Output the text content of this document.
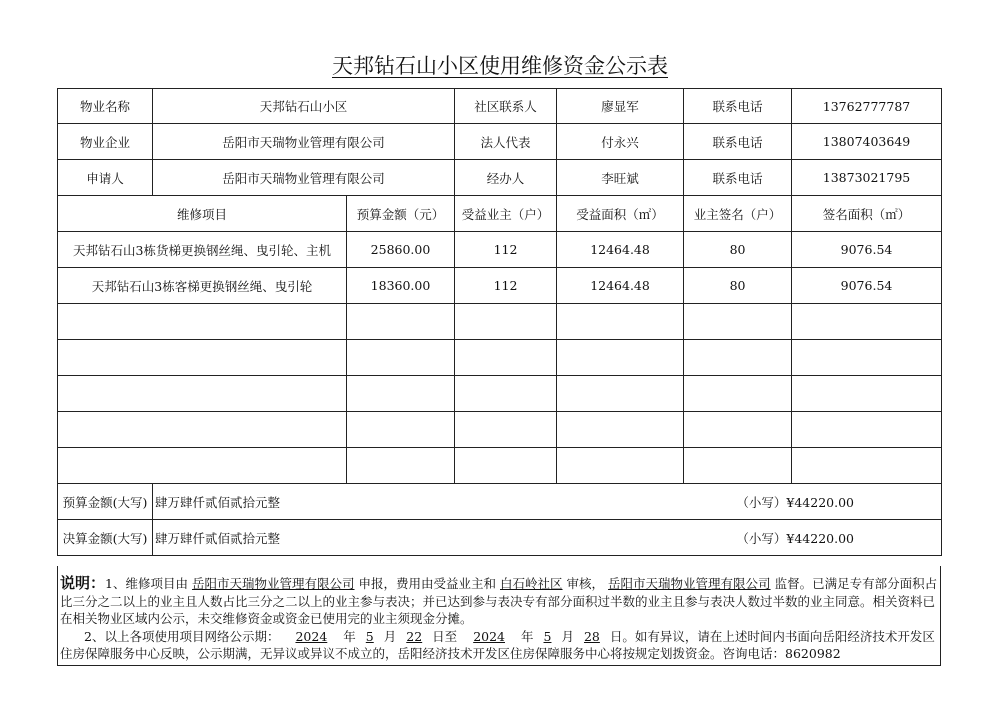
天邦钻石山小区使用维修资金公示表
物业名称	天邦钻石山小区		社区联系人	廖显军	联系电话	13762777787
物业企业	岳阳市天瑞物业管理有限公司		法人代表	付永兴	联系电话	13807403649
申请人	岳阳市天瑞物业管理有限公司		经办人	李旺斌	联系电话	13873021795
维修项目		预算金额（元）	受益业主（户）	受益面积（㎡）	业主签名（户）	签名面积（㎡）
天邦钻石山3栋货梯更换钢丝绳、曳引轮、主机		25860.00	112	12464.48	80	9076.54
天邦钻石山3栋客梯更换钢丝绳、曳引轮		18360.00	112	12464.48	80	9076.54

预算金额(大写)	肆万肆仟贰佰贰拾元整 （小写）¥44220.00					

决算金额(大写)	肆万肆仟贰佰贰拾元整 （小写）¥44220.00					
说明：1、维修项目由 岳阳市天瑞物业管理有限公司 申报，费用由受益业主和 白石岭社区 审核， 岳阳市天瑞物业管理有限公司 监督。已满足专有部分面积占比三分之二以上的业主且人数占比三分之二以上的业主参与表决；并已达到参与表决专有部分面积过半数的业主且参与表决人数过半数的业主同意。相关资料已在相关物业区域内公示，未交维修资金或资金已使用完的业主须现金分摊。
2、以上各项使用项目网络公示期： 2024 年 5 月 22 日至 2024 年 5 月 28 日。如有异议，请在上述时间内书面向岳阳经济技术开发区住房保障服务中心反映，公示期满，无异议或异议不成立的，岳阳经济技术开发区住房保障服务中心将按规定划拨资金。咨询电话：8620982
